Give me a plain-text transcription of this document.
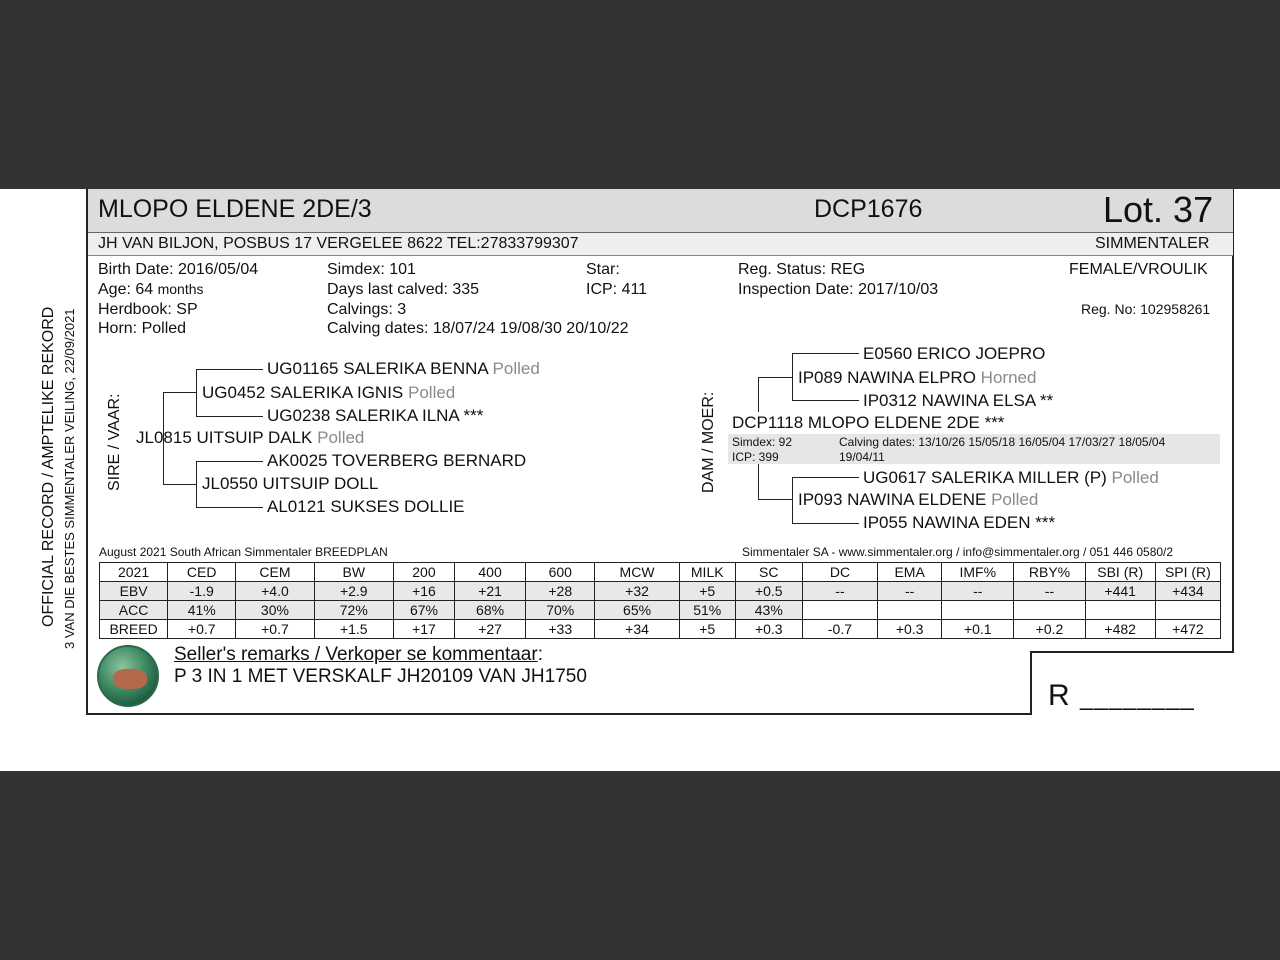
MLOPO ELDENE 2DE/3	DCP1676	Lot. 37
JH VAN BILJON, POSBUS 17 VERGELEE 8622 TEL:27833799307	SIMMENTALER
Birth Date: 2016/05/04
Age: 64 months
Herdbook: SP
Horn: Polled
Simdex: 101
Days last calved: 335
Calvings: 3
Calving dates: 18/07/24 19/08/30 20/10/22
Star:
ICP: 411
Reg. Status: REG
Inspection Date: 2017/10/03
FEMALE/VROULIK
Reg. No: 102958261
OFFICIAL RECORD / AMPTELIKE REKORD 3 VAN DIE BESTES SIMMENTALER VEILING, 22/09/2021 SIRE / VAAR:
UG01165 SALERIKA BENNA Polled
UG0452 SALERIKA IGNIS Polled
UG0238 SALERIKA ILNA ***
JL0815 UITSUIP DALK Polled
AK0025 TOVERBERG BERNARD
JL0550 UITSUIP DOLL
AL0121 SUKSES DOLLIE
DAM / MOER:
E0560 ERICO JOEPRO
IP089 NAWINA ELPRO Horned
IP0312 NAWINA ELSA **
DCP1118 MLOPO ELDENE 2DE ***
Simdex: 92
ICP: 399
Calving dates: 13/10/26 15/05/18 16/05/04 17/03/27 18/05/04
19/04/11
UG0617 SALERIKA MILLER (P) Polled
IP093 NAWINA ELDENE Polled
IP055 NAWINA EDEN ***
August 2021 South African Simmentaler BREEDPLAN	Simmentaler SA - www.simmentaler.org / info@simmentaler.org / 051 446 0580/2
2021	CED	CEM	BW	200	400	600	MCW	MILK	SC	DC	EMA	IMF%	RBY%	SBI (R)	SPI (R)
EBV	-1.9	+4.0	+2.9	+16	+21	+28	+32	+5	+0.5	--	--	--	--	+441	+434
ACC	41%	30%	72%	67%	68%	70%	65%	51%	43%						
BREED	+0.7	+0.7	+1.5	+17	+27	+33	+34	+5	+0.3	-0.7	+0.3	+0.1	+0.2	+482	+472
Seller's remarks / Verkoper se kommentaar:
P 3 IN 1 MET VERSKALF JH20109 VAN JH1750
R ________
